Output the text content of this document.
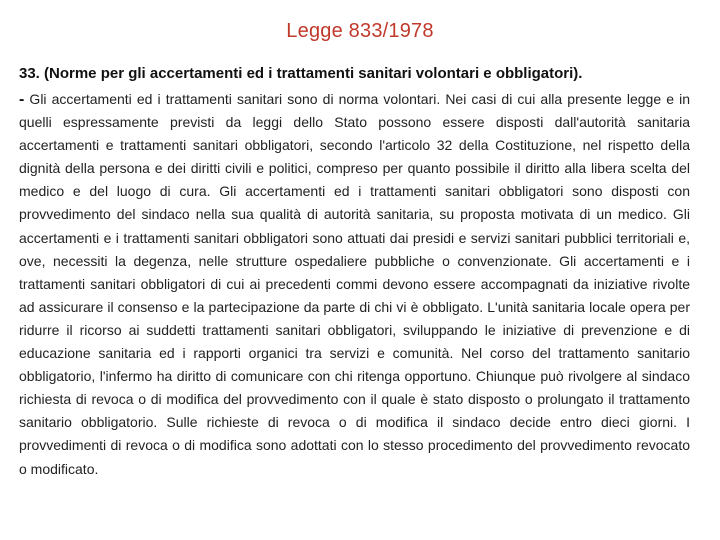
Legge 833/1978

33. (Norme per gli accertamenti ed i trattamenti sanitari volontari e obbligatori).

- Gli accertamenti ed i trattamenti sanitari sono di norma volontari. Nei casi di cui alla presente legge e in quelli espressamente previsti da leggi dello Stato possono essere disposti dall'autorità sanitaria accertamenti e trattamenti sanitari obbligatori, secondo l'articolo 32 della Costituzione, nel rispetto della dignità della persona e dei diritti civili e politici, compreso per quanto possibile il diritto alla libera scelta del medico e del luogo di cura. Gli accertamenti ed i trattamenti sanitari obbligatori sono disposti con provvedimento del sindaco nella sua qualità di autorità sanitaria, su proposta motivata di un medico. Gli accertamenti e i trattamenti sanitari obbligatori sono attuati dai presidi e servizi sanitari pubblici territoriali e, ove, necessiti la degenza, nelle strutture ospedaliere pubbliche o convenzionate. Gli accertamenti e i trattamenti sanitari obbligatori di cui ai precedenti commi devono essere accompagnati da iniziative rivolte ad assicurare il consenso e la partecipazione da parte di chi vi è obbligato. L'unità sanitaria locale opera per ridurre il ricorso ai suddetti trattamenti sanitari obbligatori, sviluppando le iniziative di prevenzione e di educazione sanitaria ed i rapporti organici tra servizi e comunità. Nel corso del trattamento sanitario obbligatorio, l'infermo ha diritto di comunicare con chi ritenga opportuno. Chiunque può rivolgere al sindaco richiesta di revoca o di modifica del provvedimento con il quale è stato disposto o prolungato il trattamento sanitario obbligatorio. Sulle richieste di revoca o di modifica il sindaco decide entro dieci giorni. I provvedimenti di revoca o di modifica sono adottati con lo stesso procedimento del provvedimento revocato o modificato.
